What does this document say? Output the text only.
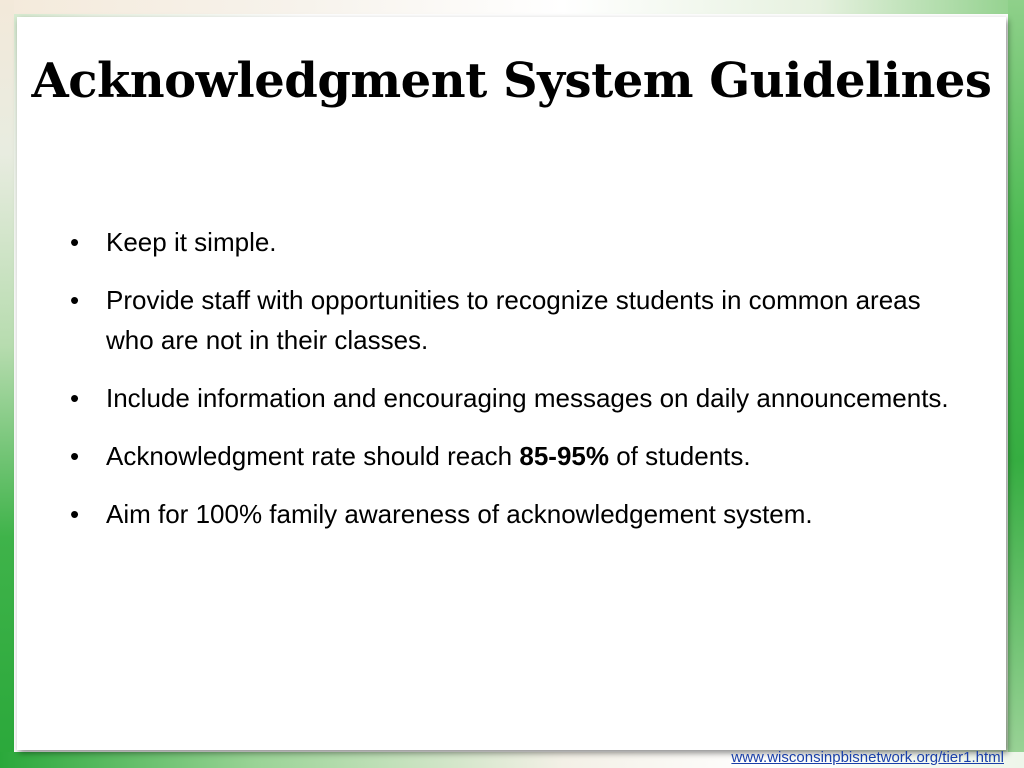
Acknowledgment System Guidelines
•	Keep it simple.
•	Provide staff with opportunities to recognize students in common areas who are not in their classes.
•	Include information and encouraging messages on daily announcements.
•	Acknowledgment rate should reach 85-95% of students.
•	Aim for 100% family awareness of acknowledgement system.
www.wisconsinpbisnetwork.org/tier1.html
